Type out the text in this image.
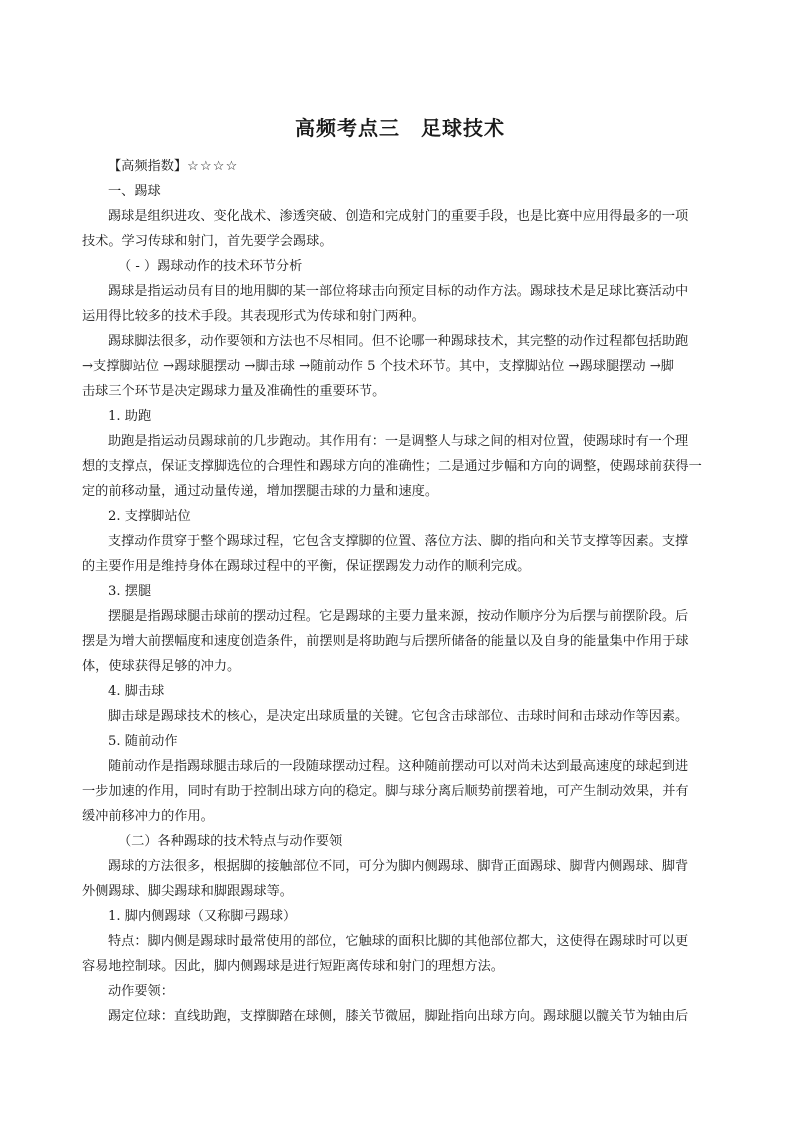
高频考点三　足球技术
【高频指数】☆☆☆☆
一、踢球
踢球是组织进攻、变化战术、渗透突破、创造和完成射门的重要手段，也是比赛中应用得最多的一项
技术。学习传球和射门，首先要学会踢球。
（ - ）踢球动作的技术环节分析
踢球是指运动员有目的地用脚的某一部位将球击向预定目标的动作方法。踢球技术是足球比赛活动中
运用得比较多的技术手段。其表现形式为传球和射门两种。
踢球脚法很多，动作要领和方法也不尽相同。但不论哪一种踢球技术，其完整的动作过程都包括助跑
→支撑脚站位 →踢球腿摆动 →脚击球 →随前动作 5 个技术环节。其中，支撑脚站位 →踢球腿摆动 →脚
击球三个环节是决定踢球力量及准确性的重要环节。
1. 助跑
助跑是指运动员踢球前的几步跑动。其作用有：一是调整人与球之间的相对位置，使踢球时有一个理
想的支撑点，保证支撑脚选位的合理性和踢球方向的准确性；二是通过步幅和方向的调整，使踢球前获得一
定的前移动量，通过动量传递，增加摆腿击球的力量和速度。
2. 支撑脚站位
支撑动作贯穿于整个踢球过程，它包含支撑脚的位置、落位方法、脚的指向和关节支撑等因素。支撑
的主要作用是维持身体在踢球过程中的平衡，保证摆踢发力动作的顺利完成。
3. 摆腿
摆腿是指踢球腿击球前的摆动过程。它是踢球的主要力量来源，按动作顺序分为后摆与前摆阶段。后
摆是为增大前摆幅度和速度创造条件，前摆则是将助跑与后摆所储备的能量以及自身的能量集中作用于球
体，使球获得足够的冲力。
4. 脚击球
脚击球是踢球技术的核心，是决定出球质量的关键。它包含击球部位、击球时间和击球动作等因素。
5. 随前动作
随前动作是指踢球腿击球后的一段随球摆动过程。这种随前摆动可以对尚未达到最高速度的球起到进
一步加速的作用，同时有助于控制出球方向的稳定。脚与球分离后顺势前摆着地，可产生制动效果，并有
缓冲前移冲力的作用。
（二）各种踢球的技术特点与动作要领
踢球的方法很多，根据脚的接触部位不同，可分为脚内侧踢球、脚背正面踢球、脚背内侧踢球、脚背
外侧踢球、脚尖踢球和脚跟踢球等。
1. 脚内侧踢球（又称脚弓踢球）
特点：脚内侧是踢球时最常使用的部位，它触球的面积比脚的其他部位都大，这使得在踢球时可以更
容易地控制球。因此，脚内侧踢球是进行短距离传球和射门的理想方法。
动作要领：
踢定位球：直线助跑，支撑脚踏在球侧，膝关节微屈，脚趾指向出球方向。踢球腿以髋关节为轴由后
